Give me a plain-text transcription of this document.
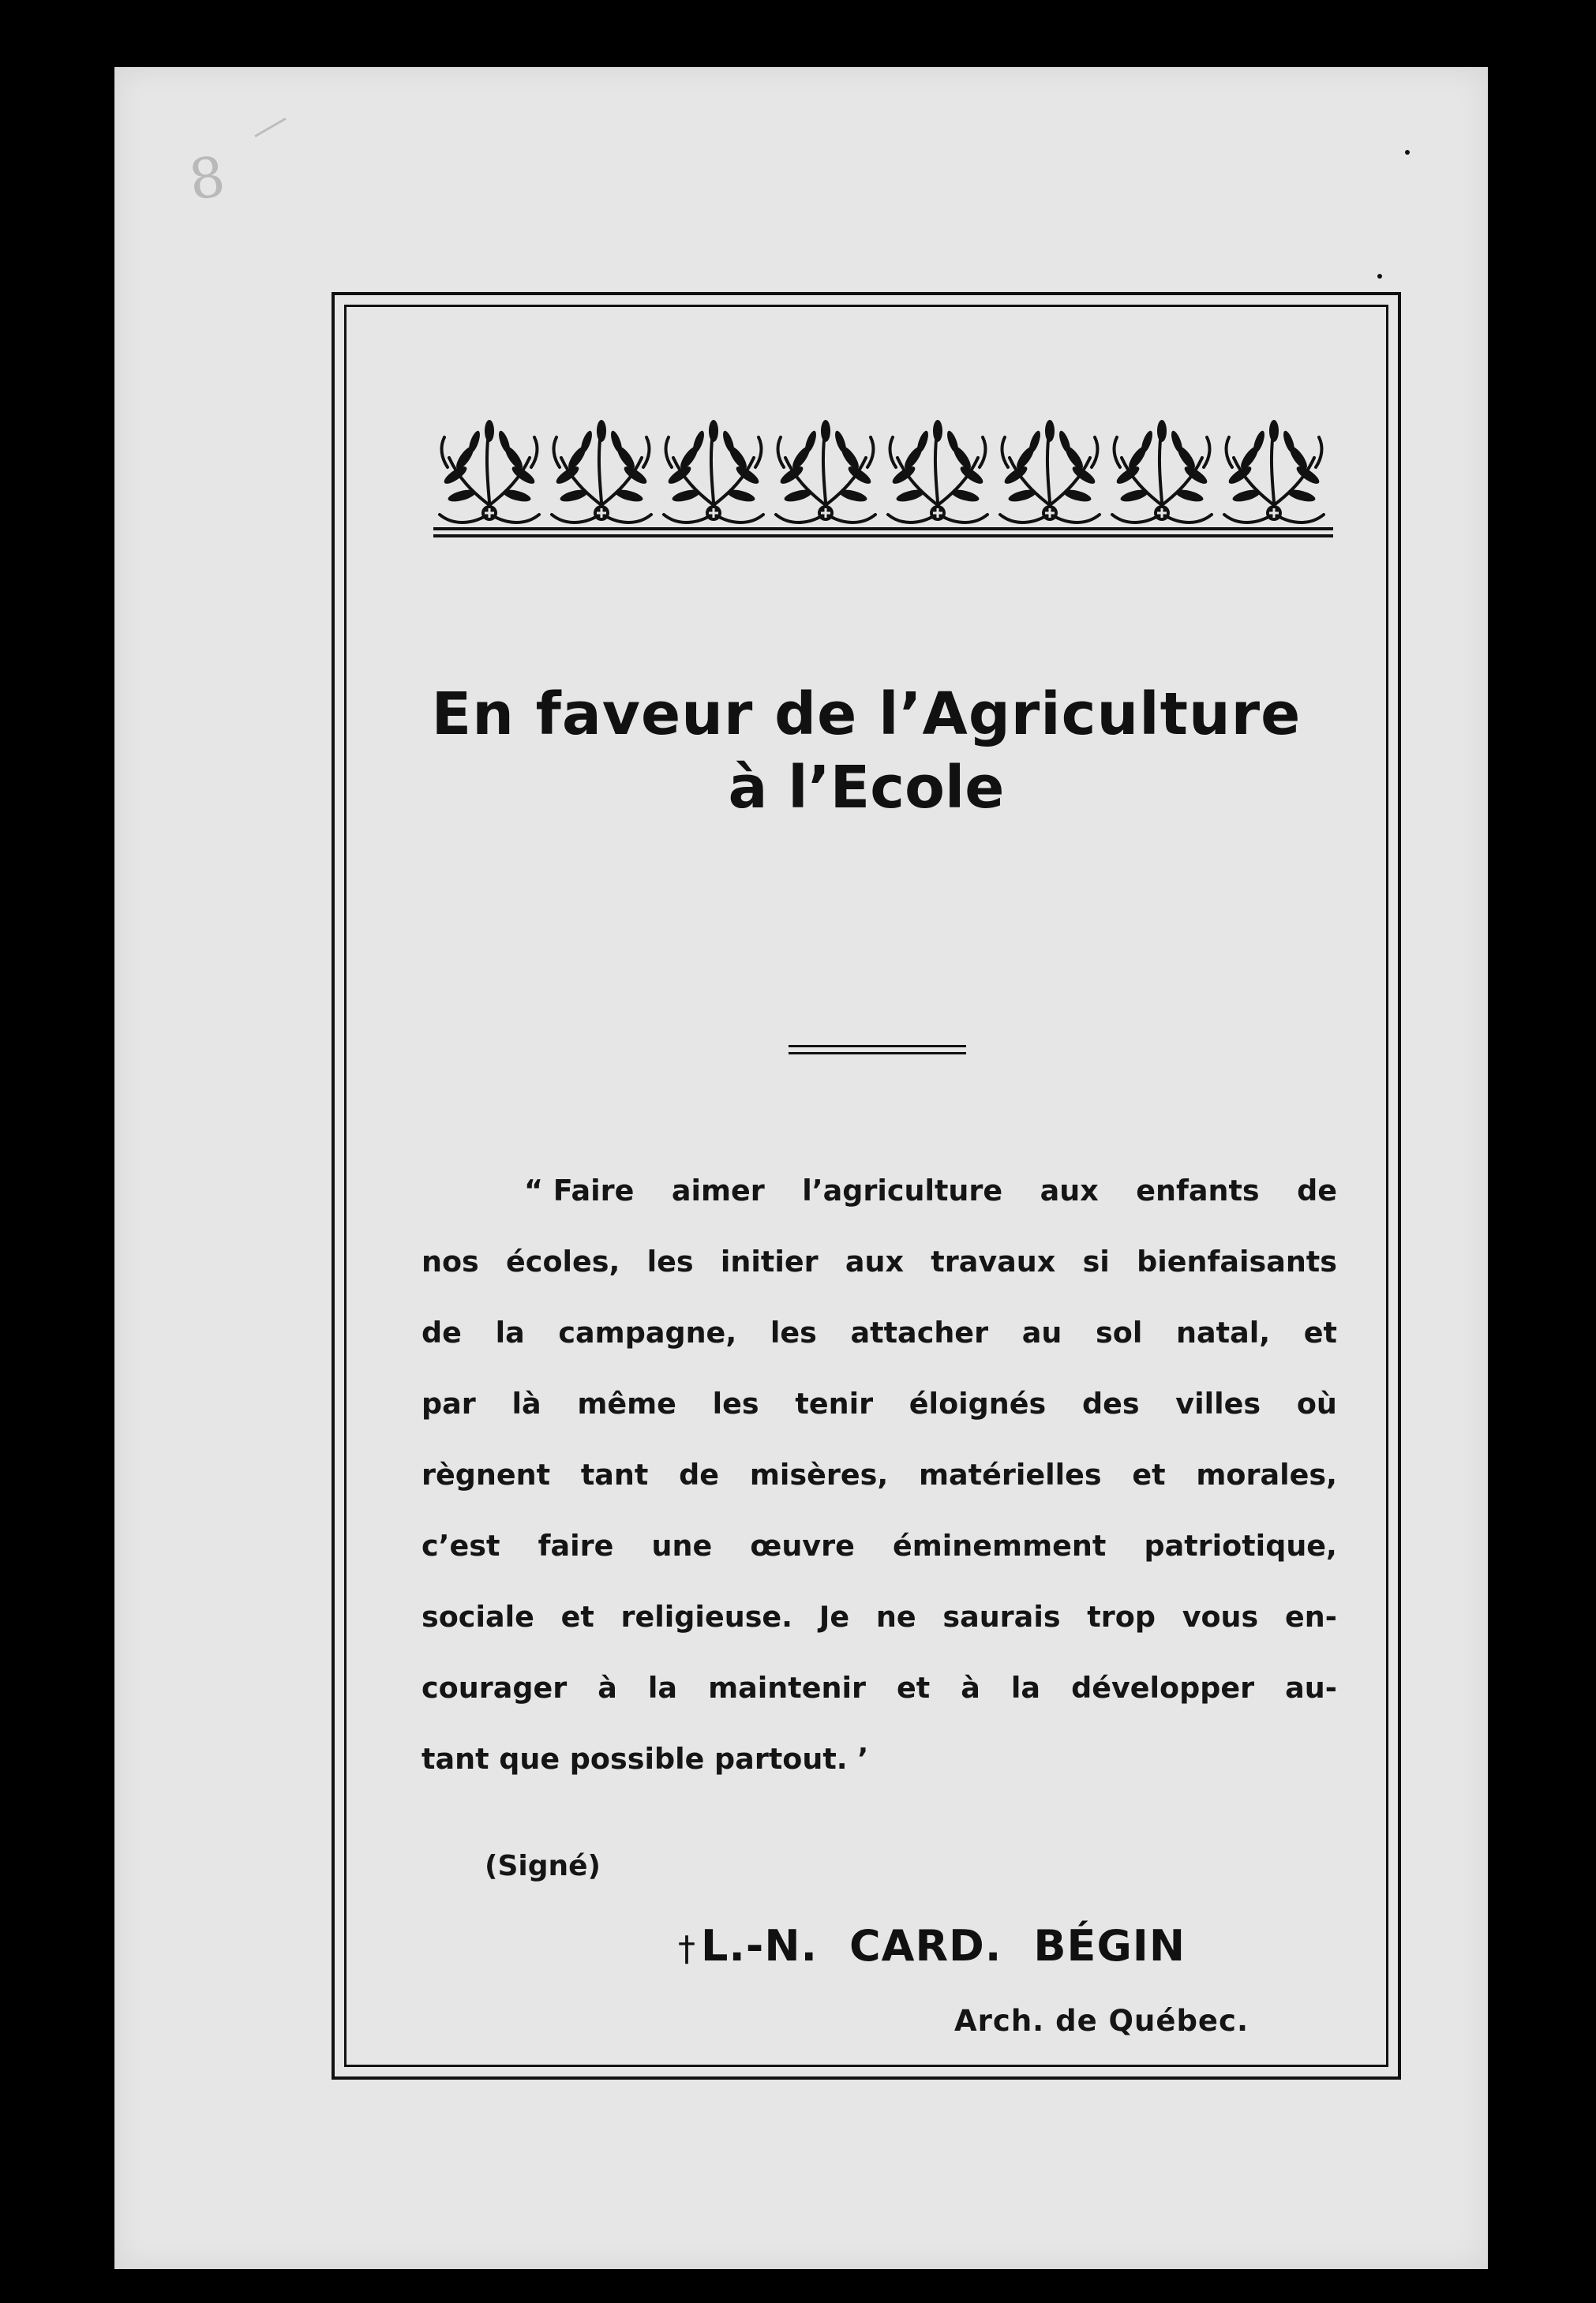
8
En faveur de l’Agriculture
à l’Ecole
“ Faire aimer l’agriculture aux enfants de
nos écoles, les initier aux travaux si bienfaisants
de la campagne, les attacher au sol natal, et
par là même les tenir éloignés des villes où
règnent tant de misères, matérielles et morales,
c’est faire une œuvre éminemment patriotique,
sociale et religieuse. Je ne saurais trop vous en-
courager à la maintenir et à la développer au-
tant que possible partout. ’
(Signé)
† L.-N. CARD. BÉGIN
Arch. de Québec.
